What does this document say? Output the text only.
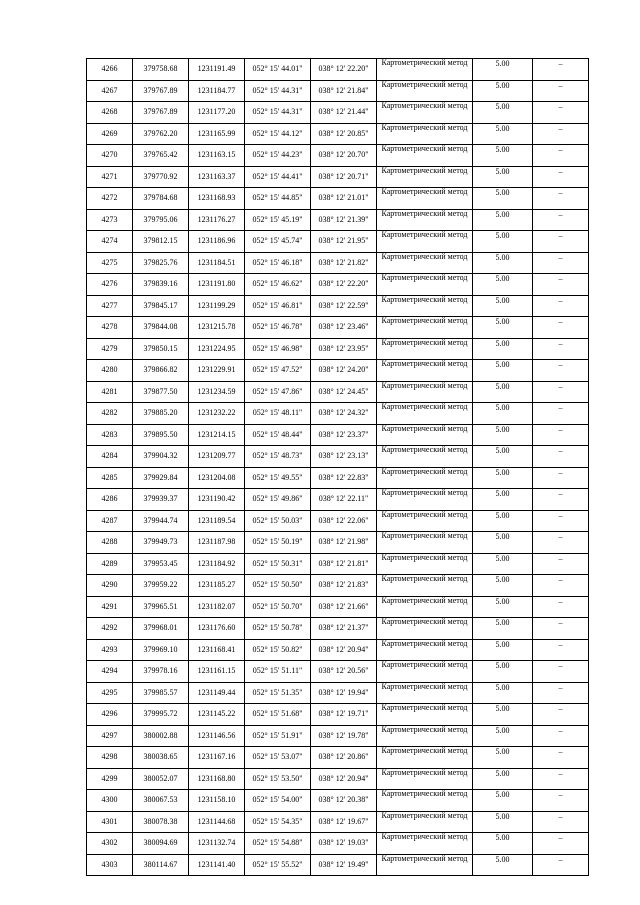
4266	379758.68	1231191.49	052° 15' 44.01"	038° 12' 22.20"	Картометрический метод	5.00	–
4267	379767.89	1231184.77	052° 15' 44.31"	038° 12' 21.84"	Картометрический метод	5.00	–
4268	379767.89	1231177.20	052° 15' 44.31"	038° 12' 21.44"	Картометрический метод	5.00	–
4269	379762.20	1231165.99	052° 15' 44.12"	038° 12' 20.85"	Картометрический метод	5.00	–
4270	379765.42	1231163.15	052° 15' 44.23"	038° 12' 20.70"	Картометрический метод	5.00	–
4271	379770.92	1231163.37	052° 15' 44.41"	038° 12' 20.71"	Картометрический метод	5.00	–
4272	379784.68	1231168.93	052° 15' 44.85"	038° 12' 21.01"	Картометрический метод	5.00	–
4273	379795.06	1231176.27	052° 15' 45.19"	038° 12' 21.39"	Картометрический метод	5.00	–
4274	379812.15	1231186.96	052° 15' 45.74"	038° 12' 21.95"	Картометрический метод	5.00	–
4275	379825.76	1231184.51	052° 15' 46.18"	038° 12' 21.82"	Картометрический метод	5.00	–
4276	379839.16	1231191.80	052° 15' 46.62"	038° 12' 22.20"	Картометрический метод	5.00	–
4277	379845.17	1231199.29	052° 15' 46.81"	038° 12' 22.59"	Картометрический метод	5.00	–
4278	379844.08	1231215.78	052° 15' 46.78"	038° 12' 23.46"	Картометрический метод	5.00	–
4279	379850.15	1231224.95	052° 15' 46.98"	038° 12' 23.95"	Картометрический метод	5.00	–
4280	379866.82	1231229.91	052° 15' 47.52"	038° 12' 24.20"	Картометрический метод	5.00	–
4281	379877.50	1231234.59	052° 15' 47.86"	038° 12' 24.45"	Картометрический метод	5.00	–
4282	379885.20	1231232.22	052° 15' 48.11"	038° 12' 24.32"	Картометрический метод	5.00	–
4283	379895.50	1231214.15	052° 15' 48.44"	038° 12' 23.37"	Картометрический метод	5.00	–
4284	379904.32	1231209.77	052° 15' 48.73"	038° 12' 23.13"	Картометрический метод	5.00	–
4285	379929.84	1231204.08	052° 15' 49.55"	038° 12' 22.83"	Картометрический метод	5.00	–
4286	379939.37	1231190.42	052° 15' 49.86"	038° 12' 22.11"	Картометрический метод	5.00	–
4287	379944.74	1231189.54	052° 15' 50.03"	038° 12' 22.06"	Картометрический метод	5.00	–
4288	379949.73	1231187.98	052° 15' 50.19"	038° 12' 21.98"	Картометрический метод	5.00	–
4289	379953.45	1231184.92	052° 15' 50.31"	038° 12' 21.81"	Картометрический метод	5.00	–
4290	379959.22	1231185.27	052° 15' 50.50"	038° 12' 21.83"	Картометрический метод	5.00	–
4291	379965.51	1231182.07	052° 15' 50.70"	038° 12' 21.66"	Картометрический метод	5.00	–
4292	379968.01	1231176.60	052° 15' 50.78"	038° 12' 21.37"	Картометрический метод	5.00	–
4293	379969.10	1231168.41	052° 15' 50.82"	038° 12' 20.94"	Картометрический метод	5.00	–
4294	379978.16	1231161.15	052° 15' 51.11"	038° 12' 20.56"	Картометрический метод	5.00	–
4295	379985.57	1231149.44	052° 15' 51.35"	038° 12' 19.94"	Картометрический метод	5.00	–
4296	379995.72	1231145.22	052° 15' 51.68"	038° 12' 19.71"	Картометрический метод	5.00	–
4297	380002.88	1231146.56	052° 15' 51.91"	038° 12' 19.78"	Картометрический метод	5.00	–
4298	380038.65	1231167.16	052° 15' 53.07"	038° 12' 20.86"	Картометрический метод	5.00	–
4299	380052.07	1231168.80	052° 15' 53.50"	038° 12' 20.94"	Картометрический метод	5.00	–
4300	380067.53	1231158.10	052° 15' 54.00"	038° 12' 20.38"	Картометрический метод	5.00	–
4301	380078.38	1231144.68	052° 15' 54.35"	038° 12' 19.67"	Картометрический метод	5.00	–
4302	380094.69	1231132.74	052° 15' 54.88"	038° 12' 19.03"	Картометрический метод	5.00	–
4303	380114.67	1231141.40	052° 15' 55.52"	038° 12' 19.49"	Картометрический метод	5.00	–
